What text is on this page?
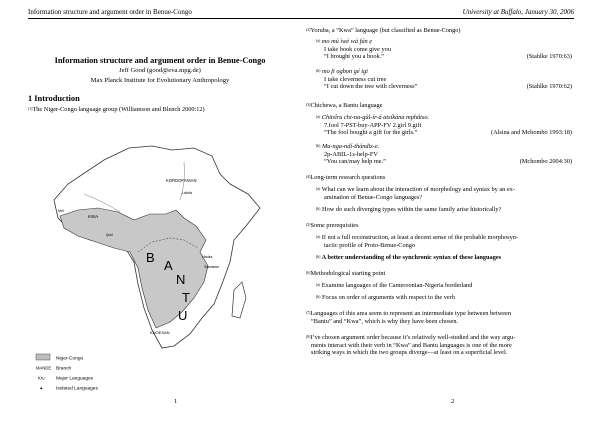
Information structure and argument order in Benue-Congo	University at Buffalo, January 30, 2006
Information structure and argument order in Benue-Congo
Jeff Good (good@eva.mpg.de)
Max Planck Institute for Evolutionary Anthropology
1 Introduction
$^{(1)}$The Niger-Congo language group (Williamson and Blench 2000:12)
KORDOFANIAN
KWA
Lafofa
Mel
Ijoid
Hadza
Sandawe
KHOESAN
B
A
N
T
U
Niger-Congo
MANDE Branch
Kru Major Languages
●	Isolated Languages
1
$^{(2)}$Yoruba, a “Kwa” language (but classified as Benue-Congo)
$^{(a)}$ mo mú ìwé wá fún ẹ
I take book come give you
“I brought you a book.”	(Stahlke 1970:63)
$^{(b)}$ mo fi ọgbọn gé igi
I take cleverness cut tree
“I cut down the tree with cleverness”	(Stahlke 1970:62)
$^{(3)}$Chichewa, a Bantu language
$^{(a)}$ Chitsîru chi-na-gúl-ír-á atsíkána mphâtso.
7.fool 7-PST-buy-APP-FV 2.girl 9.gift
“The fool bought a gift for the girls.”	(Alsina and Mchombo 1993:18)
$^{(b)}$ Mu-nga-ndí-thándiz-e.
2p-ABIL-1s-help-FV
“You can/may help me.”	(Mchombo 2004:30)
$^{(4)}$Long-term research questions
$^{(a)}$ What can we learn about the interaction of morphology and syntax by an ex-
amination of Benue-Congo languages?
$^{(b)}$ How do such diverging types within the same family arise historically?
$^{(5)}$Some prerequisites
$^{(a)}$ If not a full reconstruction, at least a decent sense of the probable morphosyn-
tactic profile of Proto-Benue-Congo
$^{(b)}$ A better understanding of the synchronic syntax of these languages
$^{(6)}$Methodological starting point
$^{(a)}$ Examine languages of the Cameroonian-Nigeria borderland
$^{(b)}$ Focus on order of arguments with respect to the verb
$^{(7)}$Languages of this area seem to represent an intermediate type between between
“Bantu” and “Kwa”, which is why they have been chosen.
$^{(8)}$I’ve chosen argument order because it’s relatively well-studied and the way argu-
ments interact with their verb in “Kwa” and Bantu languages is one of the more
striking ways in which the two groups diverge—at least on a superficial level.
2
